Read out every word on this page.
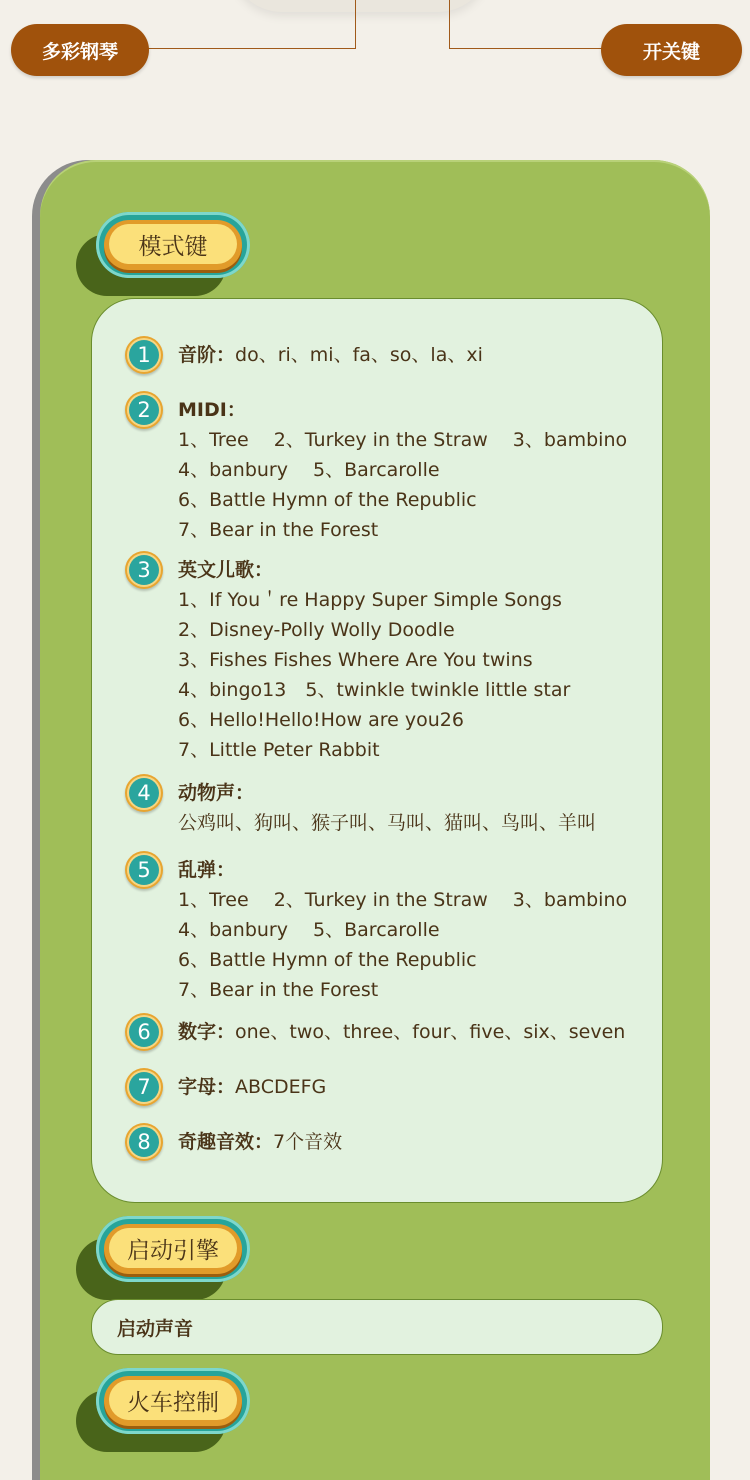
多彩钢琴	开关键
模式键
1	音阶：do、ri、mi、fa、so、la、xi
2	MIDI：
1、Tree　 2、Turkey in the Straw　 3、bambino
4、banbury　 5、Barcarolle
6、Battle Hymn of the Republic
7、Bear in the Forest
3	英文儿歌：
1、If You＇re Happy Super Simple Songs
2、Disney-Polly Wolly Doodle
3、Fishes Fishes Where Are You twins
4、bingo13　5、twinkle twinkle little star
6、Hello!Hello!How are you26
7、Little Peter Rabbit
4	动物声：
公鸡叫、狗叫、猴子叫、马叫、猫叫、鸟叫、羊叫
5	乱弹：
1、Tree　 2、Turkey in the Straw　 3、bambino
4、banbury　 5、Barcarolle
6、Battle Hymn of the Republic
7、Bear in the Forest
6	数字：one、two、three、four、five、six、seven
7	字母：ABCDEFG
8	奇趣音效：7个音效
启动引擎
启动声音
火车控制
